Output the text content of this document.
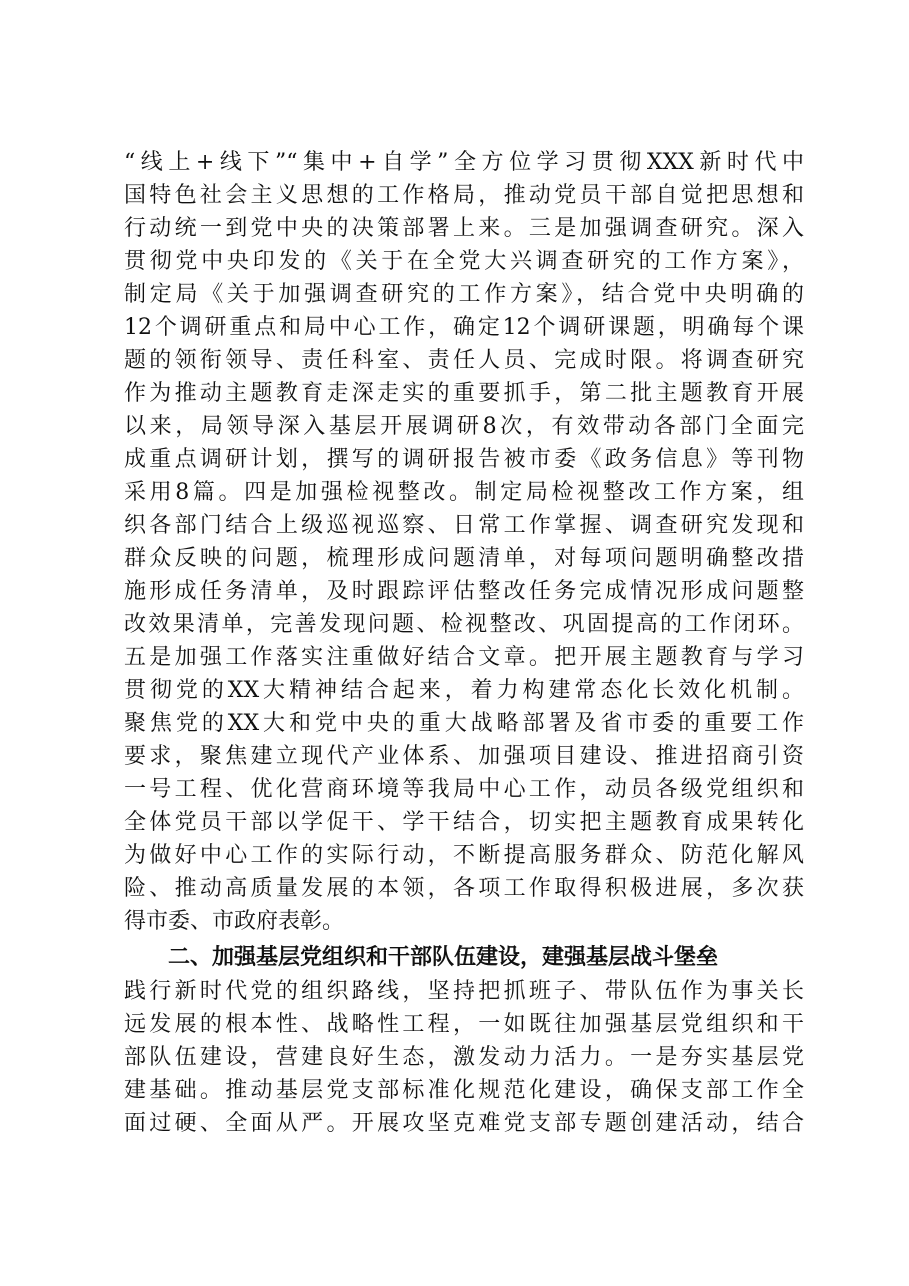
“线上+线下”“集中+自学”全方位学习贯彻XXX新时代中
国特色社会主义思想的工作格局，推动党员干部自觉把思想和
行动统一到党中央的决策部署上来。三是加强调查研究。深入
贯彻党中央印发的《关于在全党大兴调查研究的工作方案》，
制定局《关于加强调查研究的工作方案》，结合党中央明确的
12个调研重点和局中心工作，确定12个调研课题，明确每个课
题的领衔领导、责任科室、责任人员、完成时限。将调查研究
作为推动主题教育走深走实的重要抓手，第二批主题教育开展
以来，局领导深入基层开展调研8次，有效带动各部门全面完
成重点调研计划，撰写的调研报告被市委《政务信息》等刊物
采用8篇。四是加强检视整改。制定局检视整改工作方案，组
织各部门结合上级巡视巡察、日常工作掌握、调查研究发现和
群众反映的问题，梳理形成问题清单，对每项问题明确整改措
施形成任务清单，及时跟踪评估整改任务完成情况形成问题整
改效果清单，完善发现问题、检视整改、巩固提高的工作闭环。
五是加强工作落实注重做好结合文章。把开展主题教育与学习
贯彻党的XX大精神结合起来，着力构建常态化长效化机制。
聚焦党的XX大和党中央的重大战略部署及省市委的重要工作
要求，聚焦建立现代产业体系、加强项目建设、推进招商引资
一号工程、优化营商环境等我局中心工作，动员各级党组织和
全体党员干部以学促干、学干结合，切实把主题教育成果转化
为做好中心工作的实际行动，不断提高服务群众、防范化解风
险、推动高质量发展的本领，各项工作取得积极进展，多次获
得市委、市政府表彰。
二、加强基层党组织和干部队伍建设，建强基层战斗堡垒
践行新时代党的组织路线，坚持把抓班子、带队伍作为事关长
远发展的根本性、战略性工程，一如既往加强基层党组织和干
部队伍建设，营建良好生态，激发动力活力。一是夯实基层党
建基础。推动基层党支部标准化规范化建设，确保支部工作全
面过硬、全面从严。开展攻坚克难党支部专题创建活动，结合
